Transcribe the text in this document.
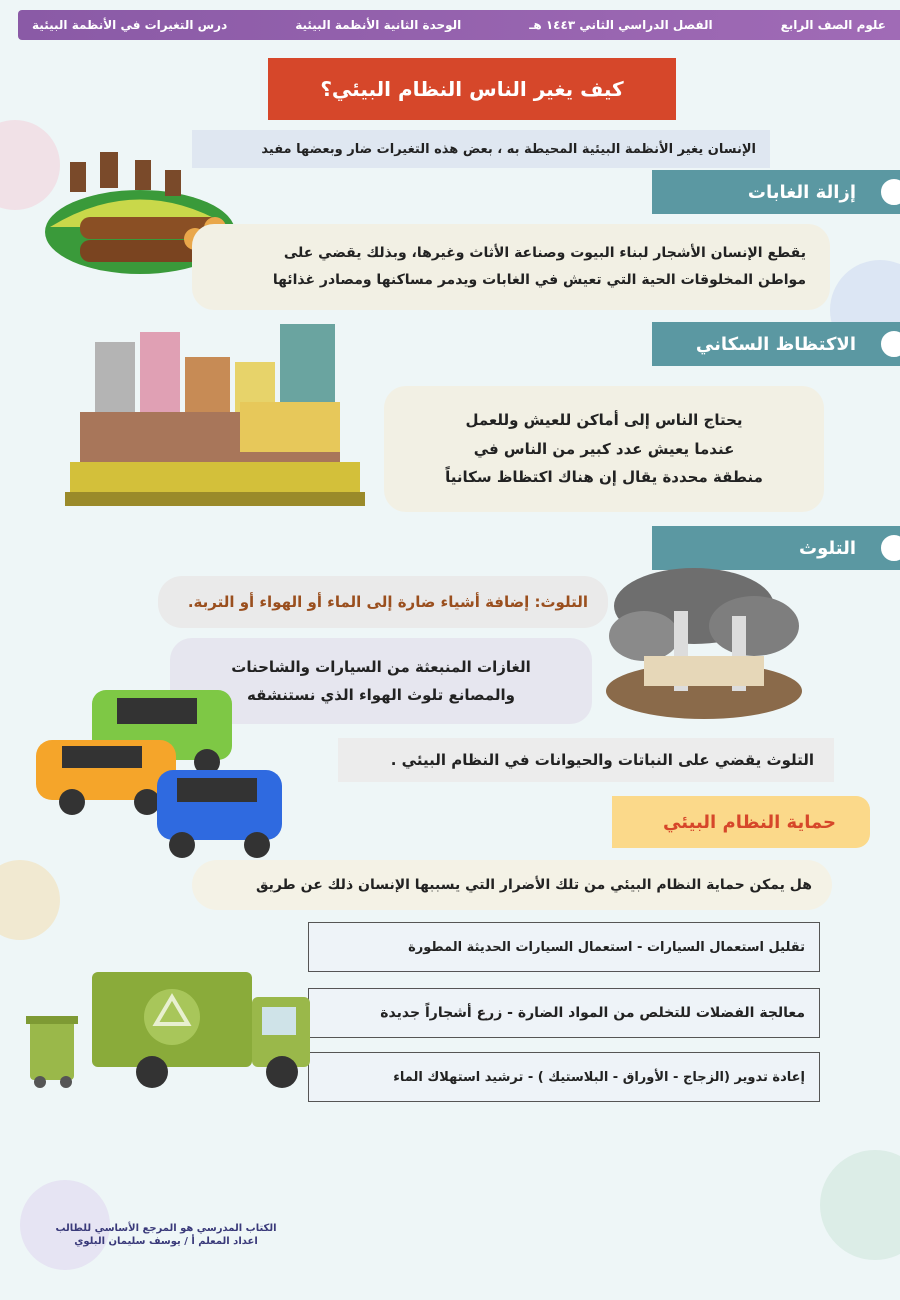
علوم الصف الرابع
الفصل الدراسي الثاني ١٤٤٣ هـ
الوحدة الثانية الأنظمة البيئية
درس التغيرات في الأنظمة البيئية
كيف يغير الناس النظام البيئي؟
الإنسان يغير الأنظمة البيئية المحيطة به ، بعض هذه التغيرات ضار وبعضها مفيد
إزالة الغابات
يقطع الإنسان الأشجار لبناء البيوت وصناعة الأثاث وغيرها، وبذلك يقضي على
مواطن المخلوقات الحية التي تعيش في الغابات ويدمر مساكنها ومصادر غذائها
الاكتظاظ السكاني
يحتاج الناس إلى أماكن للعيش وللعمل
عندما يعيش عدد كبير من الناس في
منطقة محددة يقال إن هناك اكتظاظ سكانياً
التلوث
التلوث: إضافة أشياء ضارة إلى الماء أو الهواء أو التربة.
الغازات المنبعثة من السيارات والشاحنات
والمصانع تلوث الهواء الذي نستنشقه
التلوث يقضي على النباتات والحيوانات في النظام البيئي .
حماية النظام البيئي
هل يمكن حماية النظام البيئي من تلك الأضرار التي يسببها الإنسان ذلك عن طريق
تقليل استعمال السيارات - استعمال السيارات الحديثة المطورة
معالجة الفضلات للتخلص من المواد الضارة - زرع أشجاراً جديدة
إعادة تدوير (الزجاج - الأوراق - البلاستيك ) - ترشيد استهلاك الماء
الكتاب المدرسي هو المرجع الأساسي للطالب
اعداد المعلم أ / يوسف سليمان البلوي
